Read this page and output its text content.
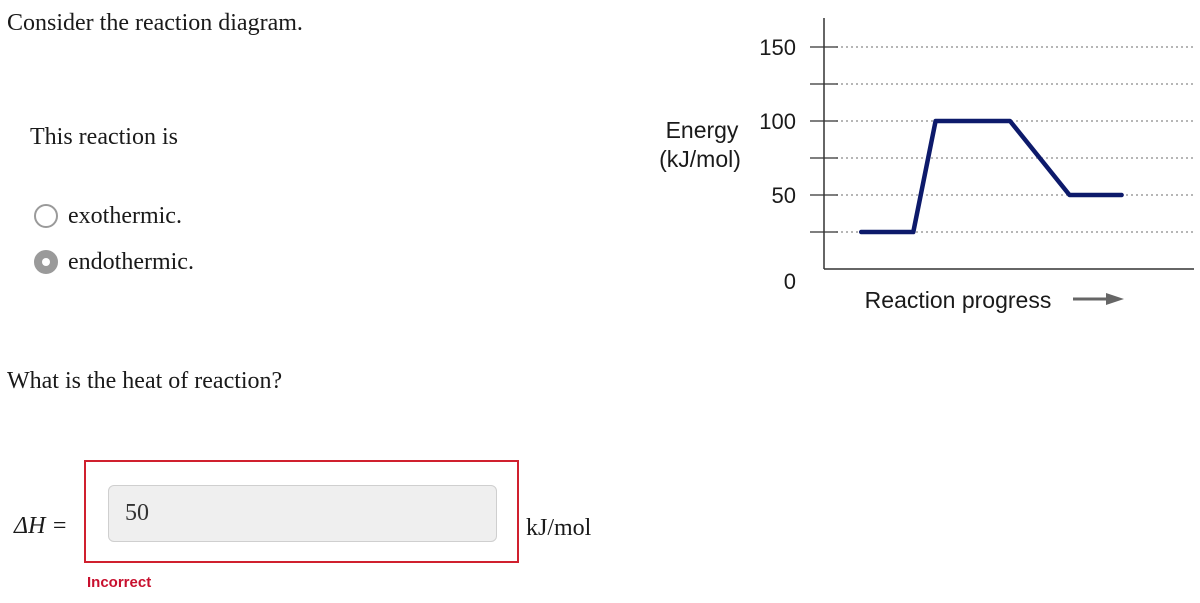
Consider the reaction diagram.
This reaction is
exothermic.
endothermic.
What is the heat of reaction?
ΔH =
50	kJ/mol
Incorrect
Energy
(kJ/mol)
Reaction progress
0
50
100
150
